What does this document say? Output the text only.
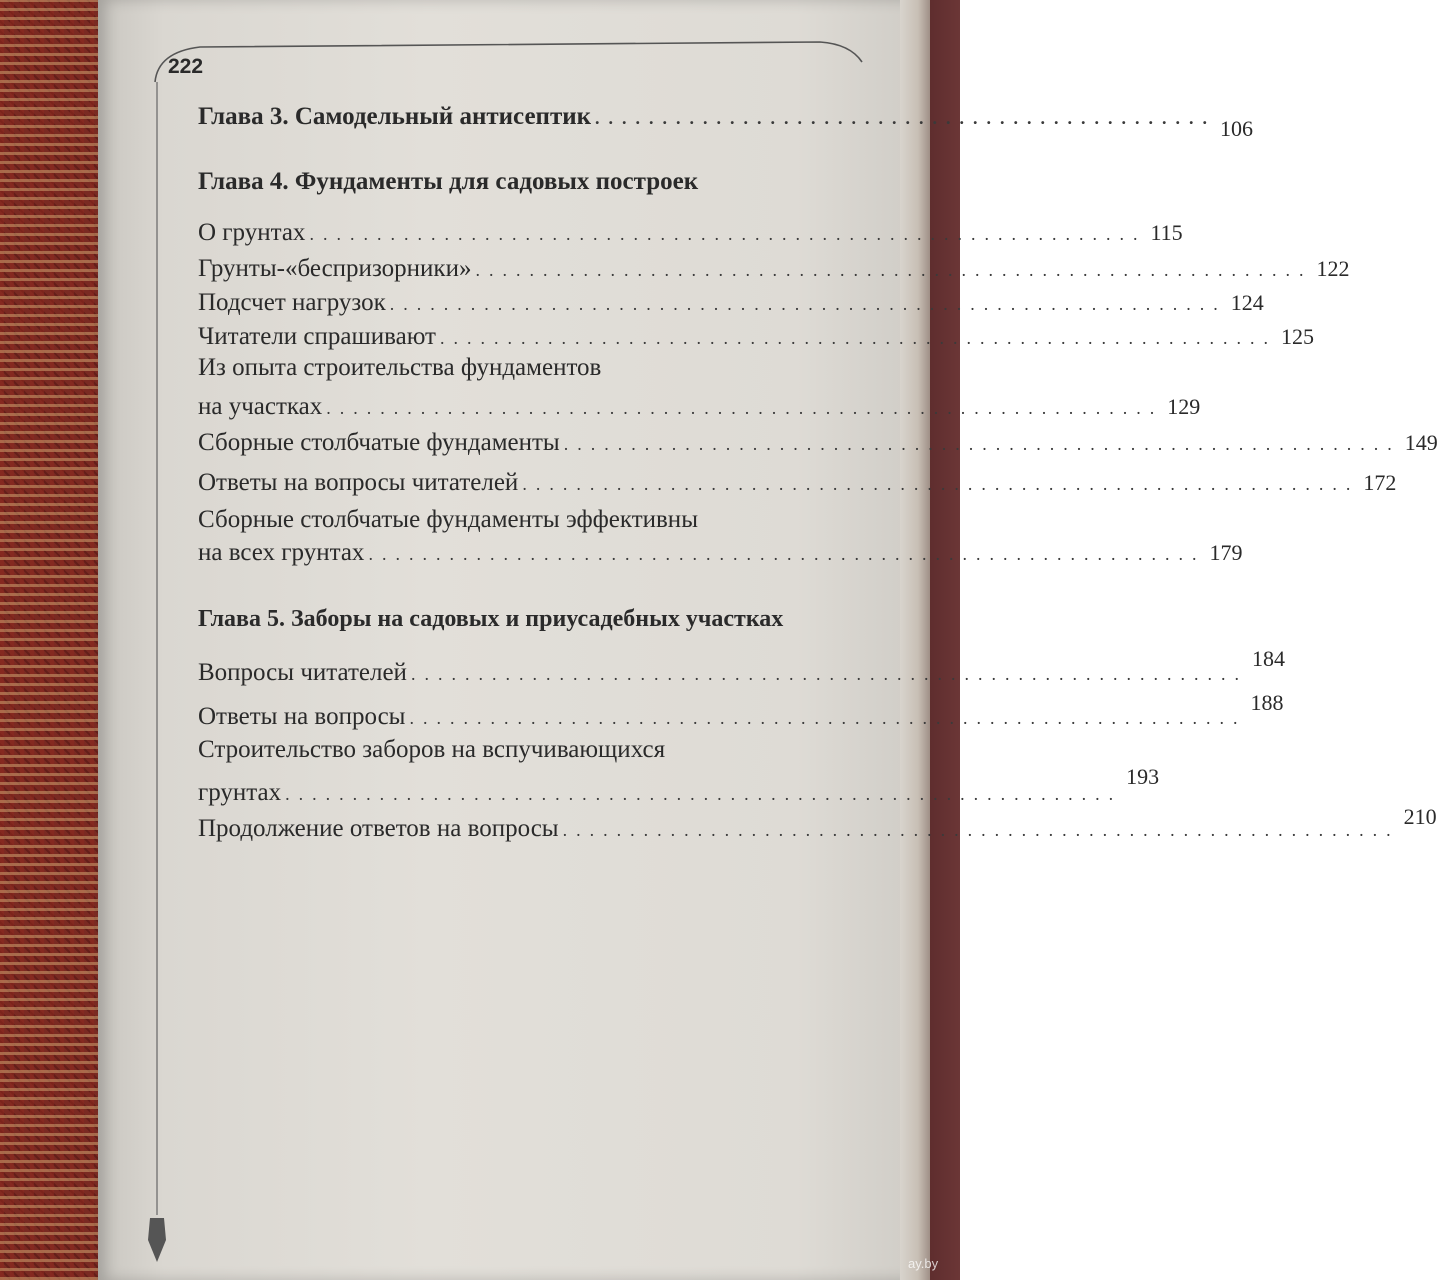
222
Глава 3. Самодельный антисептик .............................................. 106
Глава 4. Фундаменты для садовых построек
О грунтах .............................................................. 115
Грунты-«беспризорники» .............................................................. 122
Подсчет нагрузок .............................................................. 124
Читатели спрашивают .............................................................. 125
Из опыта строительства фундаментов
на участках .............................................................. 129
Сборные столбчатые фундаменты .............................................................. 149
Ответы на вопросы читателей .............................................................. 172
Сборные столбчатые фундаменты эффективны
на всех грунтах .............................................................. 179
Глава 5. Заборы на садовых и приусадебных участках
Вопросы читателей ..............................................................
184
Ответы на вопросы ..............................................................
188
Строительство заборов на вспучивающихся
грунтах ..............................................................
193
Продолжение ответов на вопросы ..............................................................
210
ay.by
